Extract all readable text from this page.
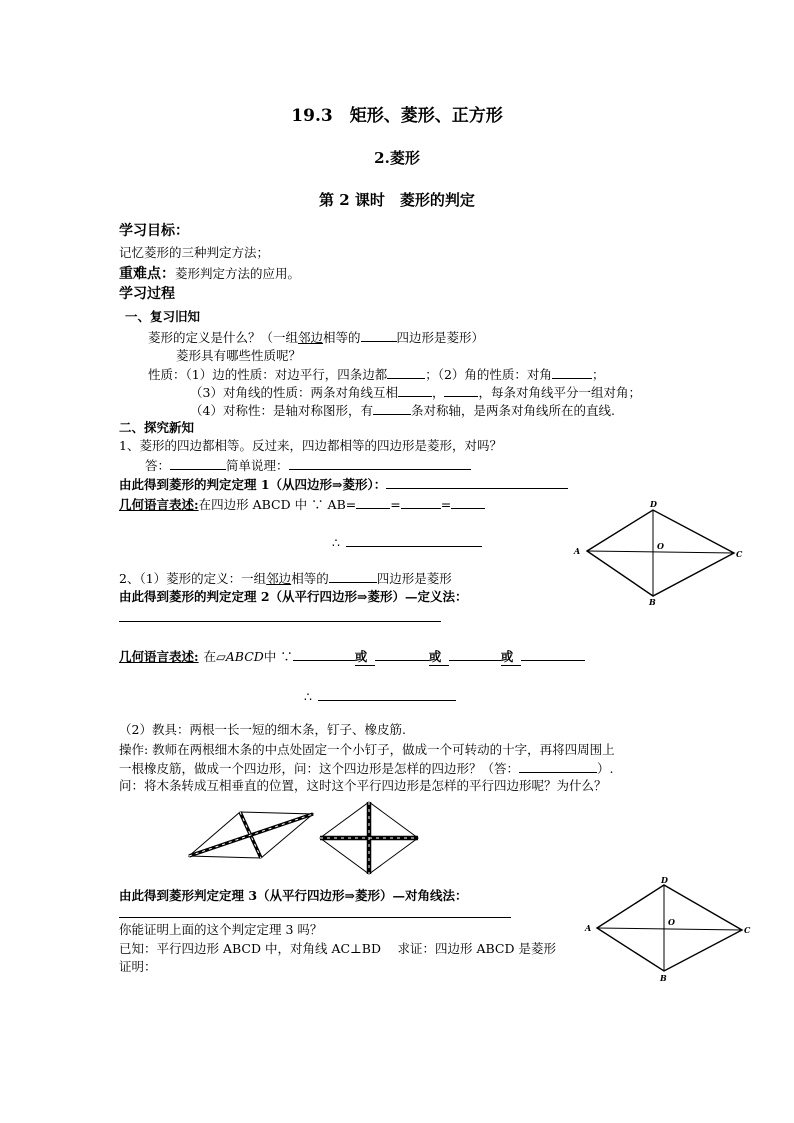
19.3　矩形、菱形、正方形
2.菱形
第 2 课时　菱形的判定
学习目标：
记忆菱形的三种判定方法；
重难点：菱形判定方法的应用。
学习过程
一、复习旧知
菱形的定义是什么？（一组邻边相等的	四边形是菱形）
菱形具有哪些性质呢？
性质：（1）边的性质：对边平行，四条边都	；（2）角的性质：对角	；
（3）对角线的性质：两条对角线互相	，	，每条对角线平分一组对角；
（4）对称性：是轴对称图形，有	条对称轴，是两条对角线所在的直线.
二、探究新知
1、菱形的四边都相等。反过来，四边都相等的四边形是菱形，对吗？
答：	简单说理：
由此得到菱形的判定定理 1（从四边形⇒菱形）：
几何语言表述:在四边形 ABCD 中 ∵ AB=	=	=
∴
A
D
O
C
B
2、（1）菱形的定义：一组邻边相等的	四边形是菱形
由此得到菱形的判定定理 2（从平行四边形⇒菱形）—定义法：
几何语言表述: 在▱ABCD中 ∵	或	或	或
∴
（2）教具：两根一长一短的细木条，钉子、橡皮筋.
操作: 教师在两根细木条的中点处固定一个小钉子，做成一个可转动的十字，再将四周围上
一根橡皮筋，做成一个四边形，问：这个四边形是怎样的四边形？（答：	）.
问：将木条转成互相垂直的位置，这时这个平行四边形是怎样的平行四边形呢？为什么？
由此得到菱形判定定理 3（从平行四边形⇒菱形）—对角线法：
A
D
O
C
B
你能证明上面的这个判定定理 3 吗？
已知：平行四边形 ABCD 中，对角线 AC⊥BD　 求证：四边形 ABCD 是菱形
证明：
